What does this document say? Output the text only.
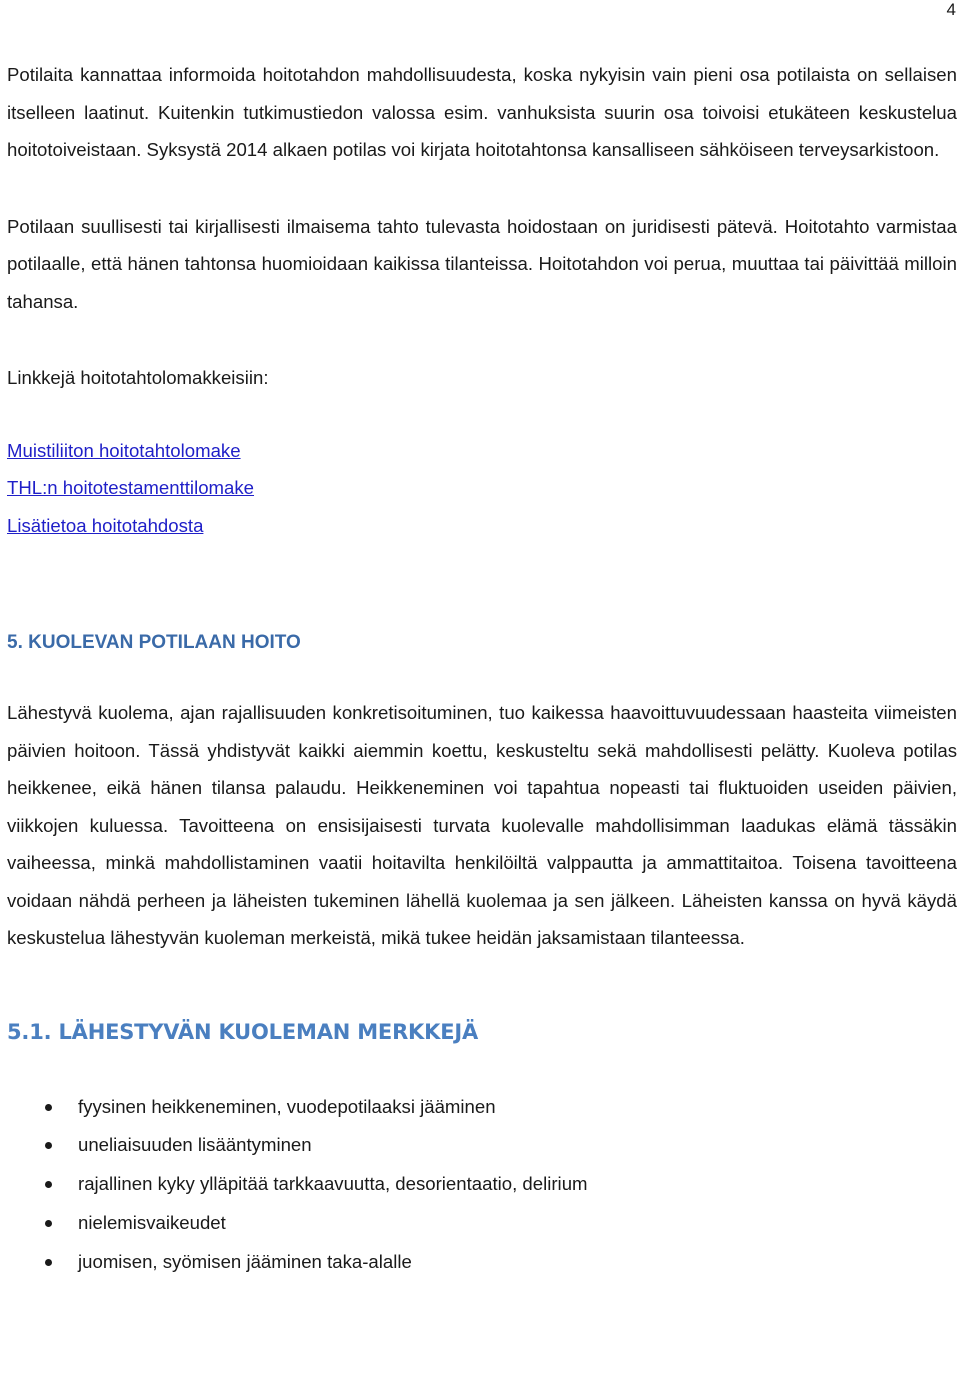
4

Potilaita kannattaa informoida hoitotahdon mahdollisuudesta, koska nykyisin vain pieni osa potilaista on sellaisen itselleen laatinut. Kuitenkin tutkimustiedon valossa esim. vanhuksista suurin osa toivoisi etukäteen keskustelua hoitotoiveistaan. Syksystä 2014 alkaen potilas voi kirjata hoitotahtonsa kansalliseen sähköiseen terveysarkistoon.

Potilaan suullisesti tai kirjallisesti ilmaisema tahto tulevasta hoidostaan on juridisesti pätevä. Hoitotahto varmistaa potilaalle, että hänen tahtonsa huomioidaan kaikissa tilanteissa. Hoitotahdon voi perua, muuttaa tai päivittää milloin tahansa.

Linkkejä hoitotahtolomakkeisiin:

Muistiliiton hoitotahtolomake
THL:n hoitotestamenttilomake
Lisätietoa hoitotahdosta
5. KUOLEVAN POTILAAN HOITO

Lähestyvä kuolema, ajan rajallisuuden konkretisoituminen, tuo kaikessa haavoittuvuudessaan haasteita viimeisten päivien hoitoon. Tässä yhdistyvät kaikki aiemmin koettu, keskusteltu sekä mahdollisesti pelätty. Kuoleva potilas heikkenee, eikä hänen tilansa palaudu. Heikkeneminen voi tapahtua nopeasti tai fluktuoiden useiden päivien, viikkojen kuluessa. Tavoitteena on ensisijaisesti turvata kuolevalle mahdollisimman laadukas elämä tässäkin vaiheessa, minkä mahdollistaminen vaatii hoitavilta henkilöiltä valppautta ja ammattitaitoa. Toisena tavoitteena voidaan nähdä perheen ja läheisten tukeminen lähellä kuolemaa ja sen jälkeen. Läheisten kanssa on hyvä käydä keskustelua lähestyvän kuoleman merkeistä, mikä tukee heidän jaksamistaan tilanteessa.

5.1. LÄHESTYVÄN KUOLEMAN MERKKEJÄ
fyysinen heikkeneminen, vuodepotilaaksi jääminen
uneliaisuuden lisääntyminen
rajallinen kyky ylläpitää tarkkaavuutta, desorientaatio, delirium
nielemisvaikeudet
juomisen, syömisen jääminen taka-alalle
